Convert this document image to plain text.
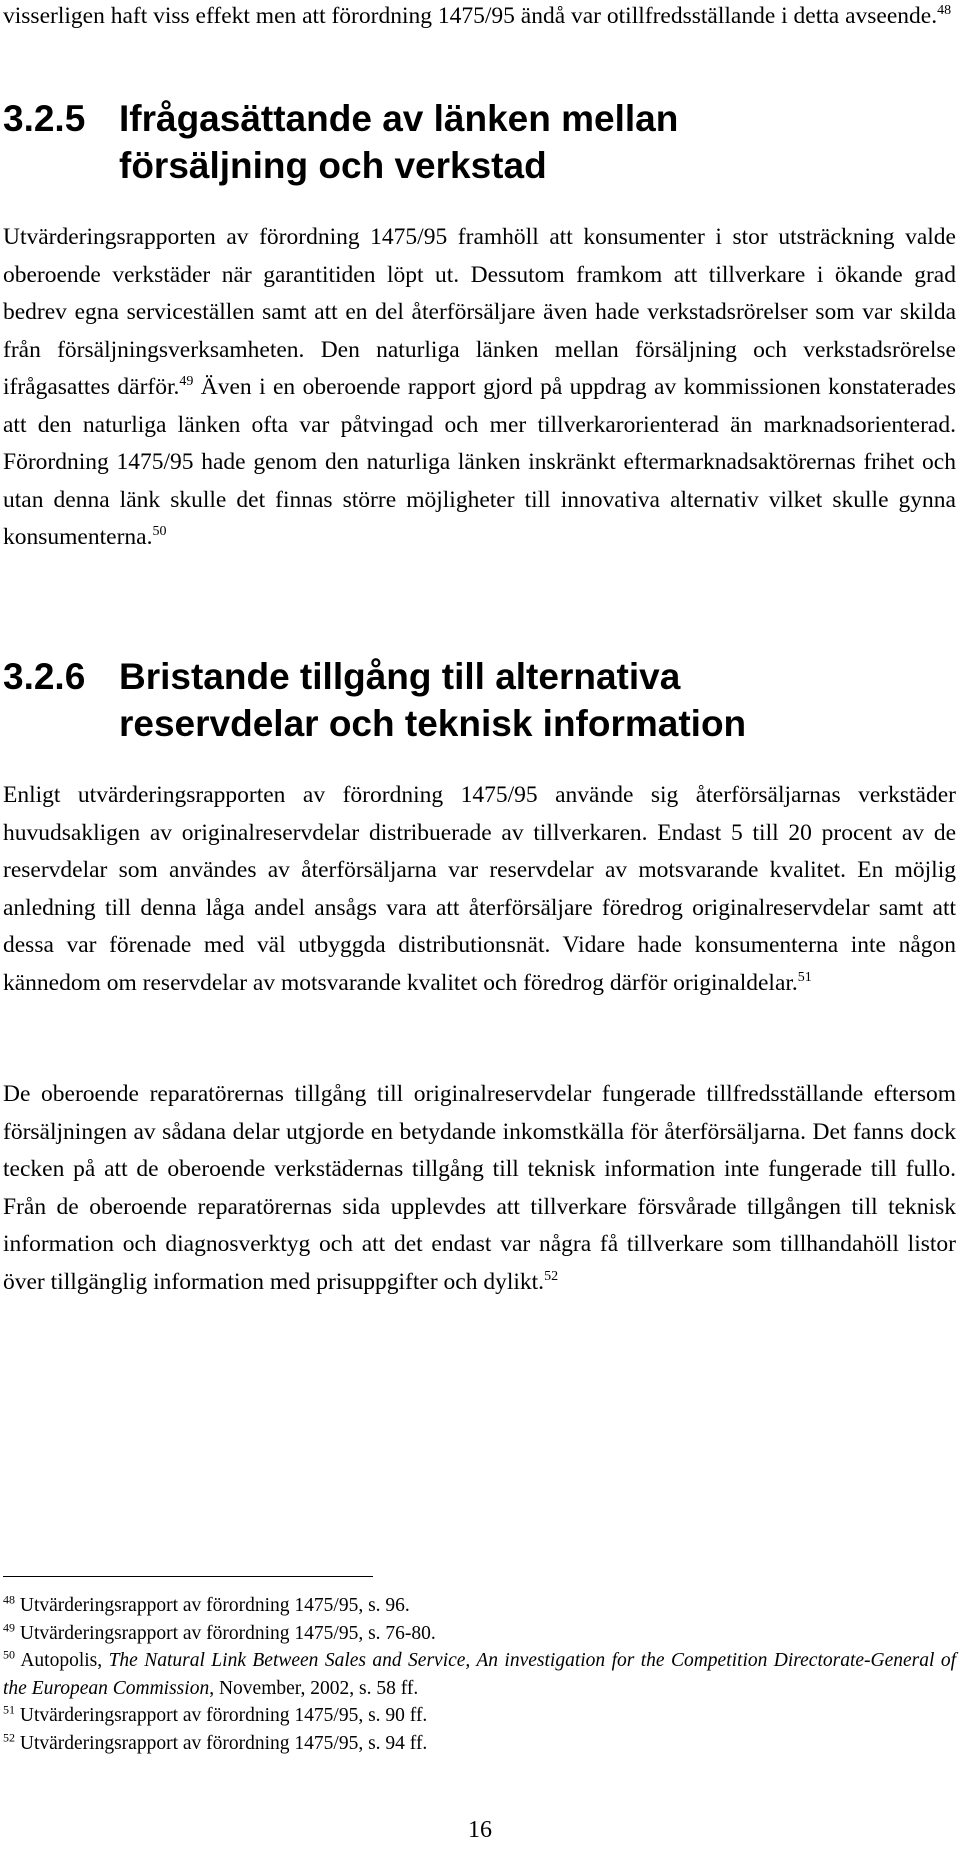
visserligen haft viss effekt men att förordning 1475/95 ändå var otillfredsställande i detta avseende.$^{48}$

3.2.5 Ifrågasättande av länken mellan
försäljning och verkstad

Utvärderingsrapporten av förordning 1475/95 framhöll att konsumenter i stor utsträckning valde oberoende verkstäder när garantitiden löpt ut. Dessutom framkom att tillverkare i ökande grad bedrev egna serviceställen samt att en del återförsäljare även hade verkstadsrörelser som var skilda från försäljningsverksamheten. Den naturliga länken mellan försäljning och verkstadsrörelse ifrågasattes därför.$^{49}$ Även i en oberoende rapport gjord på uppdrag av kommissionen konstaterades att den naturliga länken ofta var påtvingad och mer tillverkarorienterad än marknadsorienterad. Förordning 1475/95 hade genom den naturliga länken inskränkt eftermarknadsaktörernas frihet och utan denna länk skulle det finnas större möjligheter till innovativa alternativ vilket skulle gynna konsumenterna.$^{50}$

3.2.6 Bristande tillgång till alternativa
reservdelar och teknisk information

Enligt utvärderingsrapporten av förordning 1475/95 använde sig återförsäljarnas verkstäder huvudsakligen av originalreservdelar distribuerade av tillverkaren. Endast 5 till 20 procent av de reservdelar som användes av återförsäljarna var reservdelar av motsvarande kvalitet. En möjlig anledning till denna låga andel ansågs vara att återförsäljare föredrog originalreservdelar samt att dessa var förenade med väl utbyggda distributionsnät. Vidare hade konsumenterna inte någon kännedom om reservdelar av motsvarande kvalitet och föredrog därför originaldelar.$^{51}$

De oberoende reparatörernas tillgång till originalreservdelar fungerade tillfredsställande eftersom försäljningen av sådana delar utgjorde en betydande inkomstkälla för återförsäljarna. Det fanns dock tecken på att de oberoende verkstädernas tillgång till teknisk information inte fungerade till fullo. Från de oberoende reparatörernas sida upplevdes att tillverkare försvårade tillgången till teknisk information och diagnosverktyg och att det endast var några få tillverkare som tillhandahöll listor över tillgänglig information med prisuppgifter och dylikt.$^{52}$

$^{48}$ Utvärderingsrapport av förordning 1475/95, s. 96.

$^{49}$ Utvärderingsrapport av förordning 1475/95, s. 76-80.

$^{50}$ Autopolis, The Natural Link Between Sales and Service, An investigation for the Competition Directorate-General of the European Commission, November, 2002, s. 58 ff.

$^{51}$ Utvärderingsrapport av förordning 1475/95, s. 90 ff.

$^{52}$ Utvärderingsrapport av förordning 1475/95, s. 94 ff.

16
